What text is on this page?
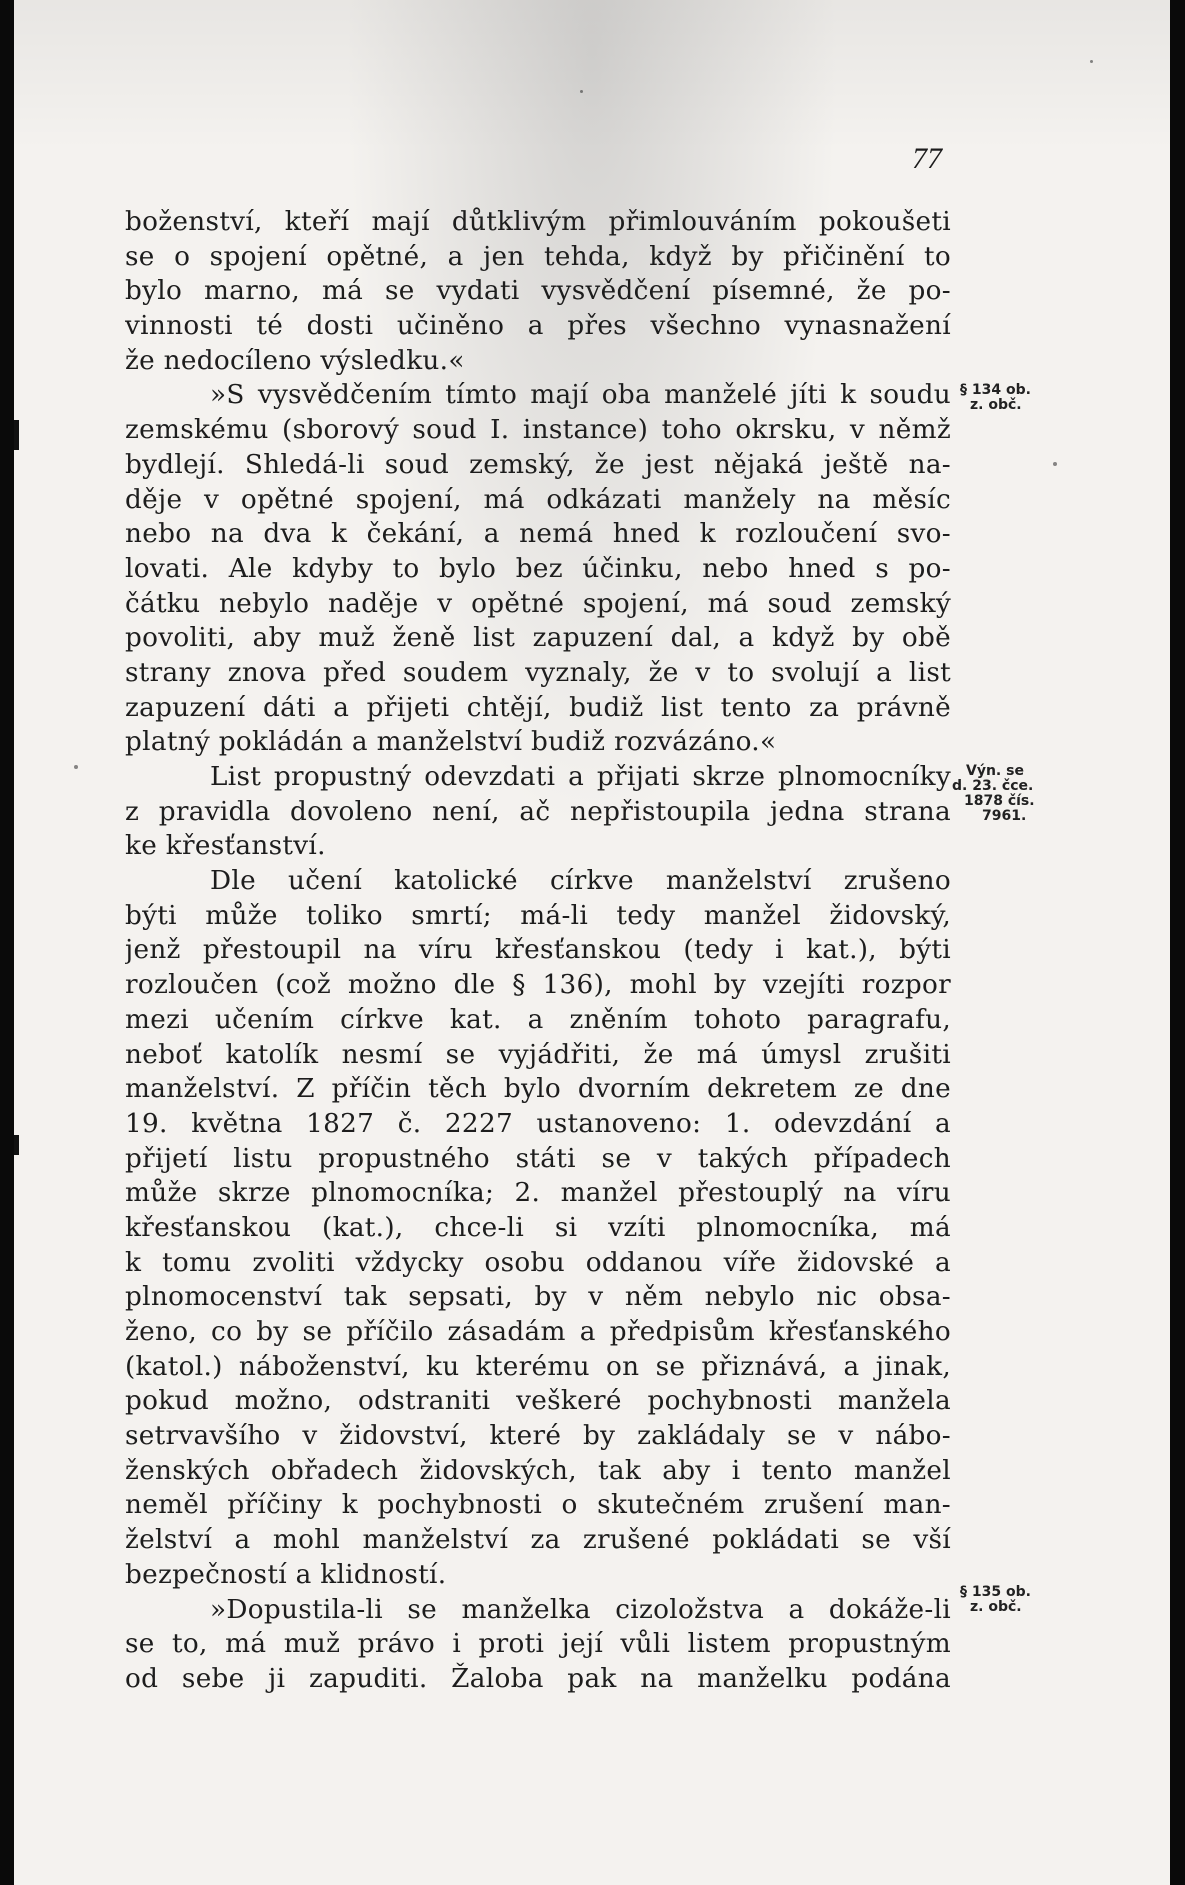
77
boženství, kteří mají důtklivým přimlouváním pokoušeti
se o spojení opětné, a jen tehda, když by přičinění to
bylo marno, má se vydati vysvědčení písemné, že po-
vinnosti té dosti učiněno a přes všechno vynasnažení
že nedocíleno výsledku.«
»S vysvědčením tímto mají oba manželé jíti k soudu
zemskému (sborový soud I. instance) toho okrsku, v němž
bydlejí. Shledá-li soud zemský, že jest nějaká ještě na-
děje v opětné spojení, má odkázati manžely na měsíc
nebo na dva k čekání, a nemá hned k rozloučení svo-
lovati. Ale kdyby to bylo bez účinku, nebo hned s po-
čátku nebylo naděje v opětné spojení, má soud zemský
povoliti, aby muž ženě list zapuzení dal, a když by obě
strany znova před soudem vyznaly, že v to svolují a list
zapuzení dáti a přijeti chtějí, budiž list tento za právně
platný pokládán a manželství budiž rozvázáno.«
List propustný odevzdati a přijati skrze plnomocníky
z pravidla dovoleno není, ač nepřistoupila jedna strana
ke křesťanství.
Dle učení katolické církve manželství zrušeno
býti může toliko smrtí; má-li tedy manžel židovský,
jenž přestoupil na víru křesťanskou (tedy i kat.), býti
rozloučen (což možno dle § 136), mohl by vzejíti rozpor
mezi učením církve kat. a zněním tohoto paragrafu,
neboť katolík nesmí se vyjádřiti, že má úmysl zrušiti
manželství. Z příčin těch bylo dvorním dekretem ze dne
19. května 1827 č. 2227 ustanoveno: 1. odevzdání a
přijetí listu propustného státi se v takých případech
může skrze plnomocníka; 2. manžel přestouplý na víru
křesťanskou (kat.), chce-li si vzíti plnomocníka, má
k tomu zvoliti vždycky osobu oddanou víře židovské a
plnomocenství tak sepsati, by v něm nebylo nic obsa-
ženo, co by se příčilo zásadám a předpisům křesťanského
(katol.) náboženství, ku kterému on se přiznává, a jinak,
pokud možno, odstraniti veškeré pochybnosti manžela
setrvavšího v židovství, které by zakládaly se v nábo-
ženských obřadech židovských, tak aby i tento manžel
neměl příčiny k pochybnosti o skutečném zrušení man-
želství a mohl manželství za zrušené pokládati se vší
bezpečností a klidností.
»Dopustila-li se manželka cizoložstva a dokáže-li
se to, má muž právo i proti její vůli listem propustným
od sebe ji zapuditi. Žaloba pak na manželku podána
§ 134 ob.
z. obč.
Výn. se
d. 23. čce.
1878 čís.
7961.
§ 135 ob.
z. obč.
